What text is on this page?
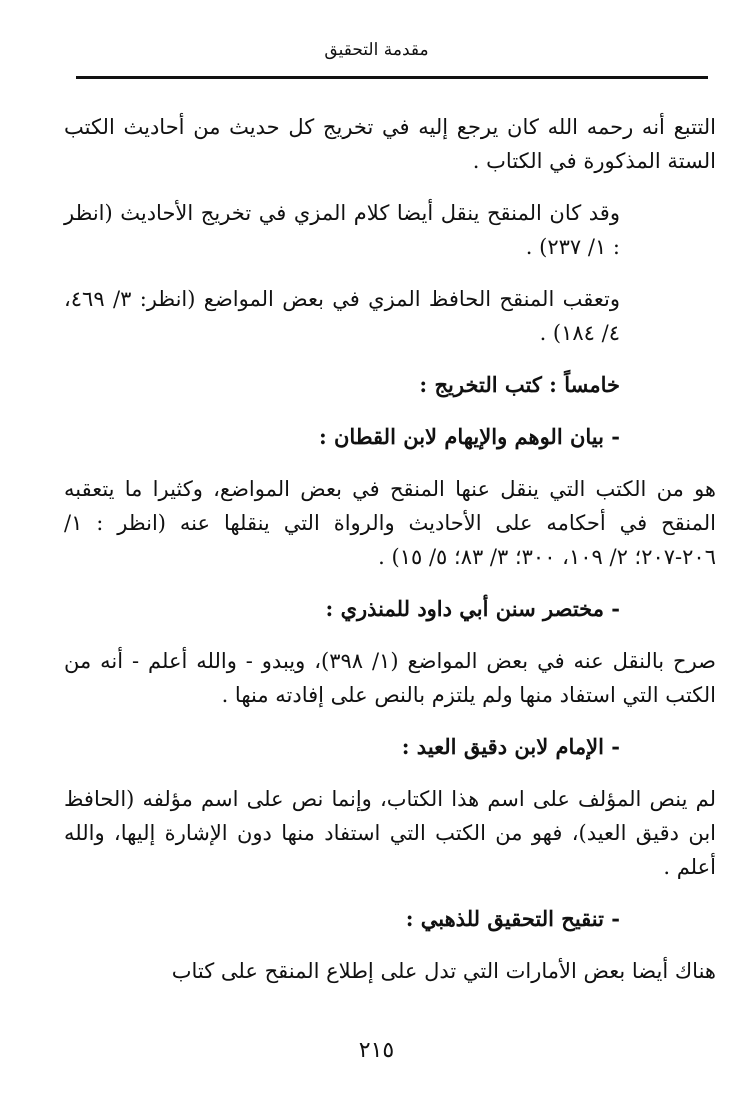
مقدمة التحقيق

التتبع أنه رحمه الله كان يرجع إليه في تخريج كل حديث من أحاديث الكتب الستة المذكورة في الكتاب .

وقد كان المنقح ينقل أيضا كلام المزي في تخريج الأحاديث (انظر : ١/ ٢٣٧) .

وتعقب المنقح الحافظ المزي في بعض المواضع (انظر: ٣/ ٤٦٩، ٤/ ١٨٤) .

خامساً : كتب التخريج :

- بيان الوهم والإيهام لابن القطان :

هو من الكتب التي ينقل عنها المنقح في بعض المواضع، وكثيرا ما يتعقبه المنقح في أحكامه على الأحاديث والرواة التي ينقلها عنه (انظر : ١/ ٢٠٦-٢٠٧؛ ٢/ ١٠٩، ٣٠٠؛ ٣/ ٨٣؛ ٥/ ١٥) .

- مختصر سنن أبي داود للمنذري :

صرح بالنقل عنه في بعض المواضع (١/ ٣٩٨)، ويبدو - والله أعلم - أنه من الكتب التي استفاد منها ولم يلتزم بالنص على إفادته منها .

- الإمام لابن دقيق العيد :

لم ينص المؤلف على اسم هذا الكتاب، وإنما نص على اسم مؤلفه (الحافظ ابن دقيق العيد)، فهو من الكتب التي استفاد منها دون الإشارة إليها، والله أعلم .

- تنقيح التحقيق للذهبي :

هناك أيضا بعض الأمارات التي تدل على إطلاع المنقح على كتاب

٢١٥
